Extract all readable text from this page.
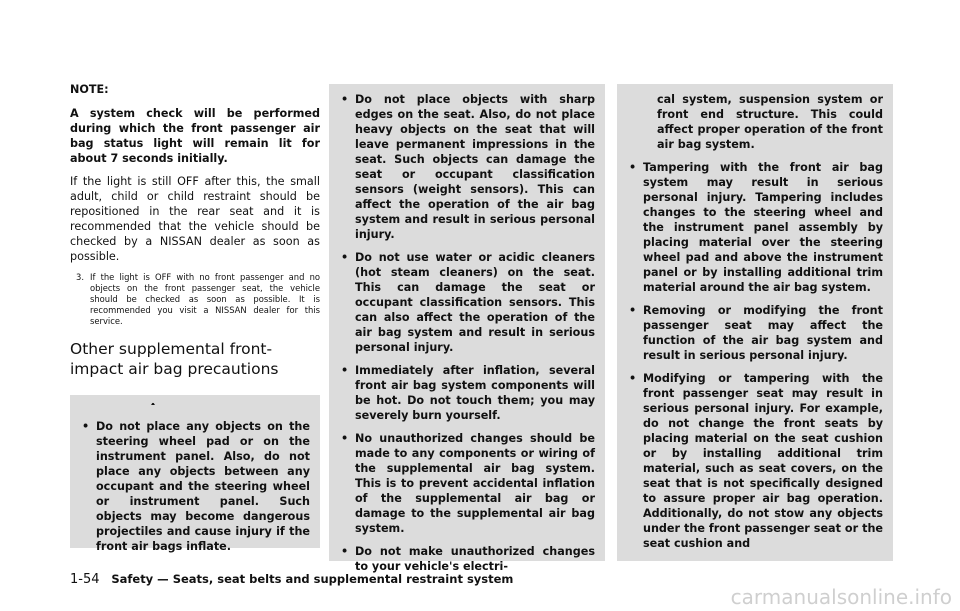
NOTE:

A system check will be performed during which the front passenger air bag status light will remain lit for about 7 seconds initially.

If the light is still OFF after this, the small adult, child or child restraint should be repositioned in the rear seat and it is recommended that the vehicle should be checked by a NISSAN dealer as soon as possible.

3. If the light is OFF with no front passenger and no objects on the front passenger seat, the vehicle should be checked as soon as possible. It is recommended you visit a NISSAN dealer for this service.
Other supplemental front-impact air bag precautions
• Do not place any objects on the steering wheel pad or on the instrument panel. Also, do not place any objects between any occupant and the steering wheel or instrument panel. Such objects may become dangerous projectiles and cause injury if the front air bags inflate.
• Do not place objects with sharp edges on the seat. Also, do not place heavy objects on the seat that will leave permanent impressions in the seat. Such objects can damage the seat or occupant classification sensors (weight sensors). This can affect the operation of the air bag system and result in serious personal injury.
• Do not use water or acidic cleaners (hot steam cleaners) on the seat. This can damage the seat or occupant classification sensors. This can also affect the operation of the air bag system and result in serious personal injury.
• Immediately after inflation, several front air bag system components will be hot. Do not touch them; you may severely burn yourself.
• No unauthorized changes should be made to any components or wiring of the supplemental air bag system. This is to prevent accidental inflation of the supplemental air bag or damage to the supplemental air bag system.
• Do not make unauthorized changes to your vehicle's electri-

cal system, suspension system or front end structure. This could affect proper operation of the front air bag system.

• Tampering with the front air bag system may result in serious personal injury. Tampering includes changes to the steering wheel and the instrument panel assembly by placing material over the steering wheel pad and above the instrument panel or by installing additional trim material around the air bag system.
• Removing or modifying the front passenger seat may affect the function of the air bag system and result in serious personal injury.
• Modifying or tampering with the front passenger seat may result in serious personal injury. For example, do not change the front seats by placing material on the seat cushion or by installing additional trim material, such as seat covers, on the seat that is not specifically designed to assure proper air bag operation. Additionally, do not stow any objects under the front passenger seat or the seat cushion and
1-54 Safety — Seats, seat belts and supplemental restraint system
carmanualsonline.info
